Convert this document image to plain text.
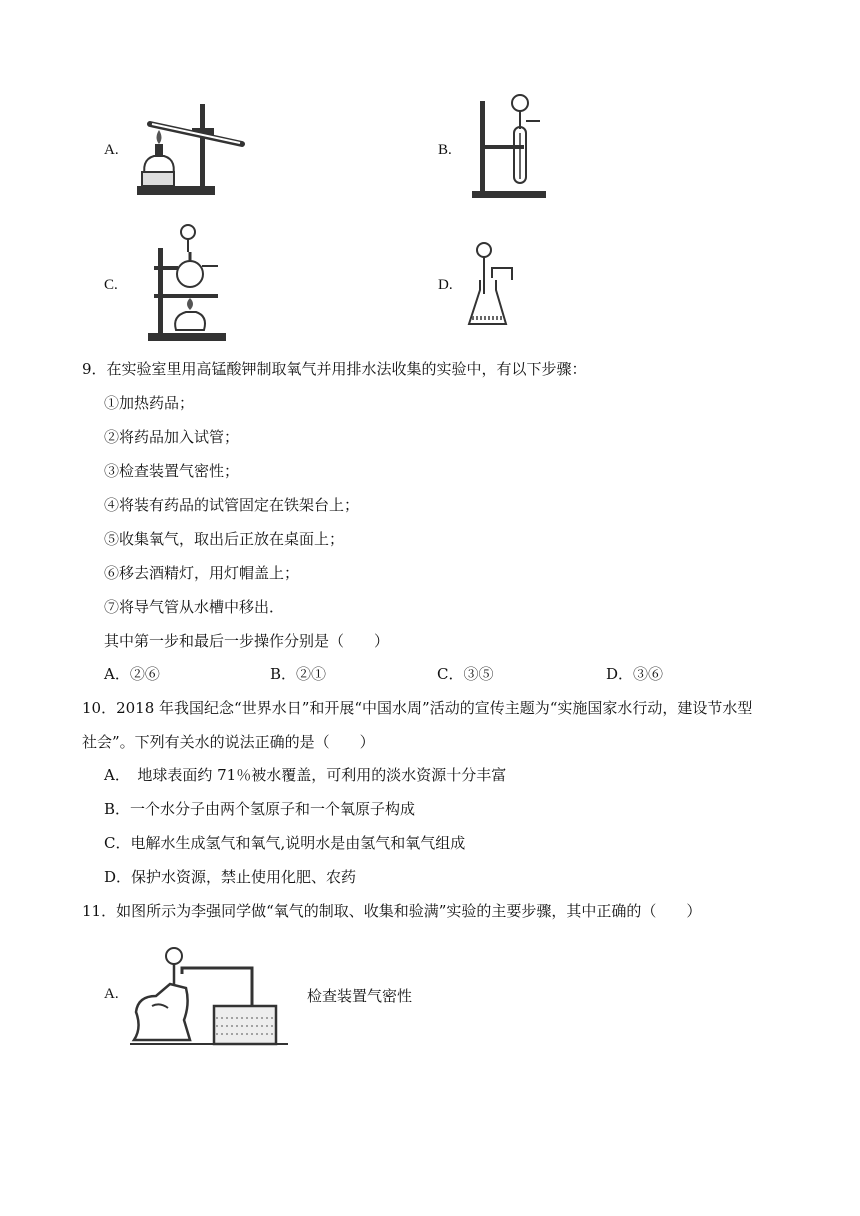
A.	B.
C.	D.
9．在实验室里用高锰酸钾制取氧气并用排水法收集的实验中，有以下步骤：
①加热药品；
②将药品加入试管；
③检查装置气密性；
④将装有药品的试管固定在铁架台上；
⑤收集氧气，取出后正放在桌面上；
⑥移去酒精灯，用灯帽盖上；
⑦将导气管从水槽中移出．
其中第一步和最后一步操作分别是（　　）
A．②⑥	B．②①	C．③⑤	D．③⑥
10．2018 年我国纪念“世界水日”和开展“中国水周”活动的宣传主题为“实施国家水行动，建设节水型
社会”。下列有关水的说法正确的是（　　）
A．　地球表面约 71％被水覆盖，可利用的淡水资源十分丰富
B．一个水分子由两个氢原子和一个氧原子构成
C．电解水生成氢气和氧气,说明水是由氢气和氧气组成
D．保护水资源，禁止使用化肥、农药
11．如图所示为李强同学做“氧气的制取、收集和验满”实验的主要步骤，其中正确的（　　）
A.	检查装置气密性
